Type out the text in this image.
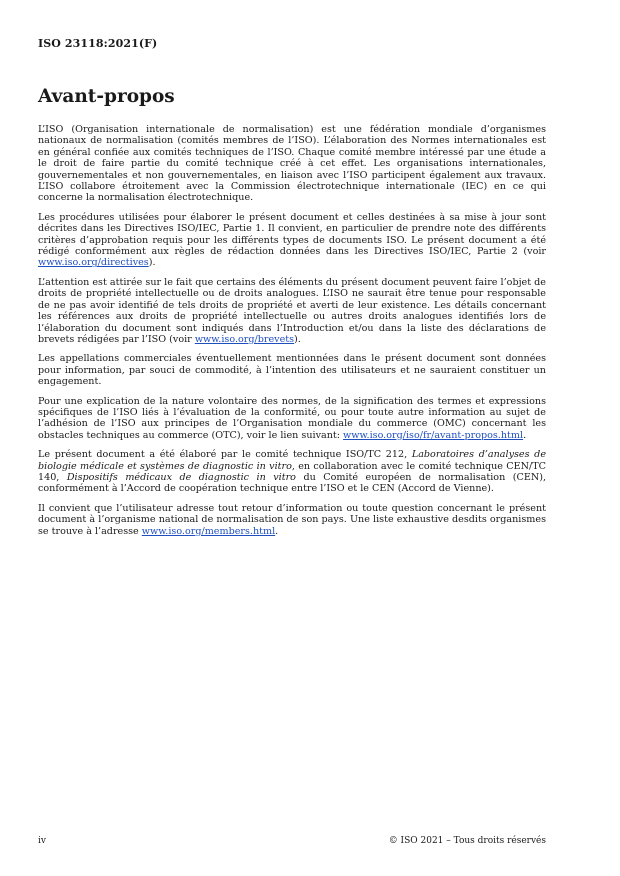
ISO 23118:2021(F)
Avant-propos

L’ISO (Organisation internationale de normalisation) est une fédération mondiale d’organismes nationaux de normalisation (comités membres de l’ISO). L’élaboration des Normes internationales est en général confiée aux comités techniques de l’ISO. Chaque comité membre intéressé par une étude a le droit de faire partie du comité technique créé à cet effet. Les organisations internationales, gouvernementales et non gouvernementales, en liaison avec l’ISO participent également aux travaux. L’ISO collabore étroitement avec la Commission électrotechnique internationale (IEC) en ce qui concerne la normalisation électrotechnique.

Les procédures utilisées pour élaborer le présent document et celles destinées à sa mise à jour sont décrites dans les Directives ISO/IEC, Partie 1. Il convient, en particulier de prendre note des différents critères d’approbation requis pour les différents types de documents ISO. Le présent document a été rédigé conformément aux règles de rédaction données dans les Directives ISO/IEC, Partie 2 (voir www.iso.org/directives).

L’attention est attirée sur le fait que certains des éléments du présent document peuvent faire l’objet de droits de propriété intellectuelle ou de droits analogues. L’ISO ne saurait être tenue pour responsable de ne pas avoir identifié de tels droits de propriété et averti de leur existence. Les détails concernant les références aux droits de propriété intellectuelle ou autres droits analogues identifiés lors de l’élaboration du document sont indiqués dans l’Introduction et/ou dans la liste des déclarations de brevets rédigées par l’ISO (voir www.iso.org/brevets).

Les appellations commerciales éventuellement mentionnées dans le présent document sont données pour information, par souci de commodité, à l’intention des utilisateurs et ne sauraient constituer un engagement.

Pour une explication de la nature volontaire des normes, de la signification des termes et expressions spécifiques de l’ISO liés à l’évaluation de la conformité, ou pour toute autre information au sujet de l’adhésion de l’ISO aux principes de l’Organisation mondiale du commerce (OMC) concernant les obstacles techniques au commerce (OTC), voir le lien suivant: www.iso.org/iso/fr/avant-propos.html.

Le présent document a été élaboré par le comité technique ISO/TC 212, Laboratoires d’analyses de biologie médicale et systèmes de diagnostic in vitro, en collaboration avec le comité technique CEN/TC 140, Dispositifs médicaux de diagnostic in vitro du Comité européen de normalisation (CEN), conformément à l’Accord de coopération technique entre l’ISO et le CEN (Accord de Vienne).

Il convient que l’utilisateur adresse tout retour d’information ou toute question concernant le présent document à l’organisme national de normalisation de son pays. Une liste exhaustive desdits organismes se trouve à l’adresse www.iso.org/members.html.

iv	© ISO 2021 – Tous droits réservés
